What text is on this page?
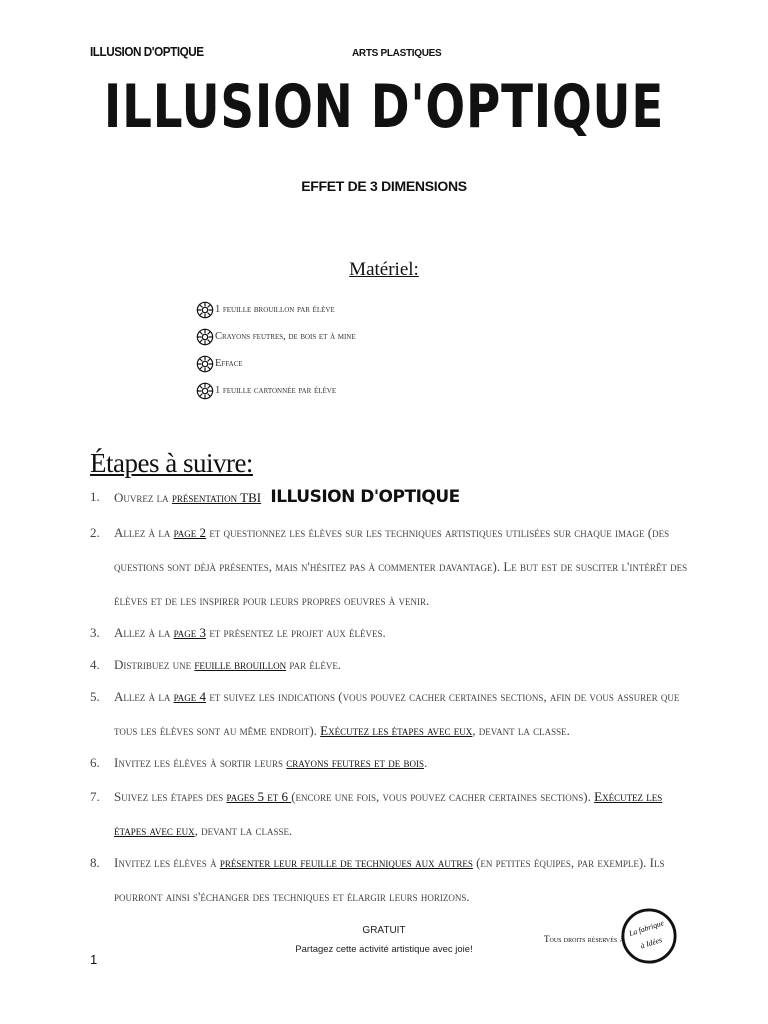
ILLUSION D'OPTIQUE	ARTS PLASTIQUES
ILLUSION D'OPTIQUE
EFFET DE 3 DIMENSIONS
Matériel:
1 feuille brouillon par élève
Crayons feutres, de bois et à mine
Efface
1 feuille cartonnée par élève
Étapes à suivre:
1.	Ouvrez la présentation TBI ILLUSION D'OPTIQUE
2.	Allez à la page 2 et questionnez les élèves sur les techniques artistiques utilisées sur chaque image (des questions sont déjà présentes, mais n'hésitez pas à commenter davantage). Le but est de susciter l'intérêt des élèves et de les inspirer pour leurs propres oeuvres à venir.
3.	Allez à la page 3 et présentez le projet aux élèves.
4.	Distribuez une feuille brouillon par élève.
5.	Allez à la page 4 et suivez les indications (vous pouvez cacher certaines sections, afin de vous assurer que tous les élèves sont au même endroit). Exécutez les étapes avec eux, devant la classe.
6.	Invitez les élèves à sortir leurs crayons feutres et de bois.
7.	Suivez les étapes des pages 5 et 6 (encore une fois, vous pouvez cacher certaines sections). Exécutez les étapes avec eux, devant la classe.
8.	Invitez les élèves à présenter leur feuille de techniques aux autres (en petites équipes, par exemple). Ils pourront ainsi s'échanger des techniques et élargir leurs horizons.
GRATUIT
Partagez cette activité artistique avec joie!
1
Tous droits réservés à
La fabrique
à Idées
